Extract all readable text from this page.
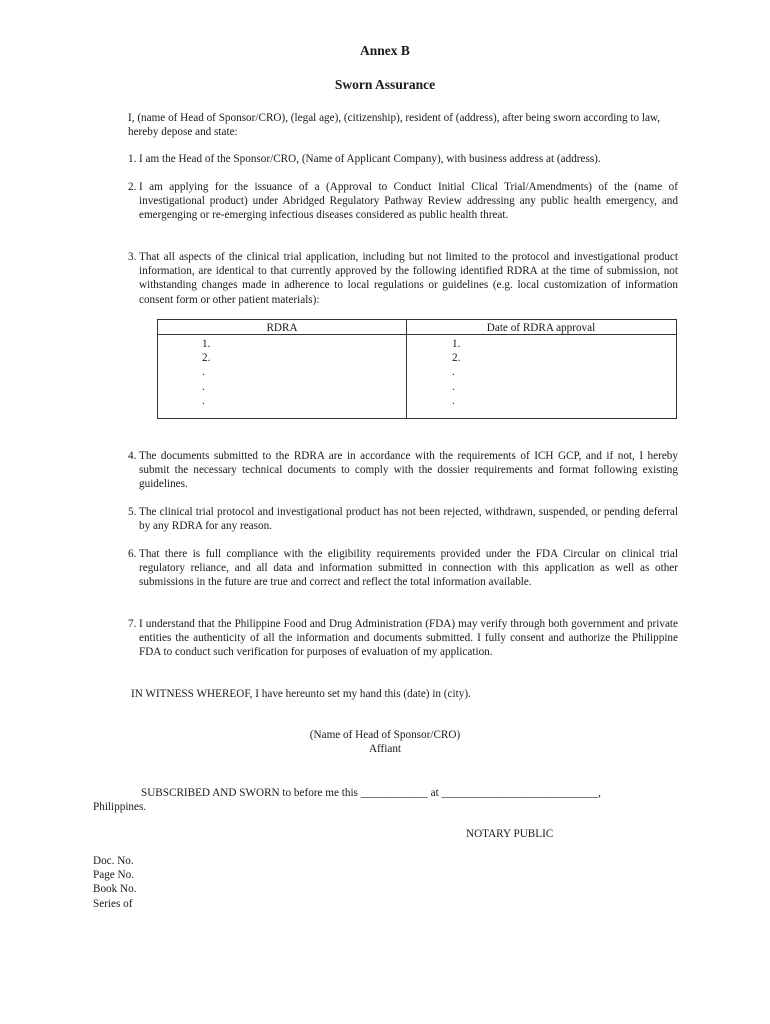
Annex B
Sworn Assurance
I, (name of Head of Sponsor/CRO), (legal age), (citizenship), resident of (address), after being sworn according to law, hereby depose and state:
1. I am the Head of the Sponsor/CRO, (Name of Applicant Company), with business address at (address).
2. I am applying for the issuance of a (Approval to Conduct Initial Clical Trial/Amendments) of the (name of investigational product) under Abridged Regulatory Pathway Review addressing any public health emergency, and emergenging or re-emerging infectious diseases considered as public health threat.
3. That all aspects of the clinical trial application, including but not limited to the protocol and investigational product information, are identical to that currently approved by the following identified RDRA at the time of submission, not withstanding changes made in adherence to local regulations or guidelines (e.g. local customization of information consent form or other patient materials):
RDRA	Date of RDRA approval
1.
2.
.
.
.
1.
2.
.
.
.
4. The documents submitted to the RDRA are in accordance with the requirements of ICH GCP, and if not, I hereby submit the necessary technical documents to comply with the dossier requirements and format following existing guidelines.
5. The clinical trial protocol and investigational product has not been rejected, withdrawn, suspended, or pending deferral by any RDRA for any reason.
6. That there is full compliance with the eligibility requirements provided under the FDA Circular on clinical trial regulatory reliance, and all data and information submitted in connection with this application as well as other submissions in the future are true and correct and reflect the total information available.
7. I understand that the Philippine Food and Drug Administration (FDA) may verify through both government and private entities the authenticity of all the information and documents submitted. I fully consent and authorize the Philippine FDA to conduct such verification for purposes of evaluation of my application.
IN WITNESS WHEREOF, I have hereunto set my hand this (date) in (city).
(Name of Head of Sponsor/CRO)
Affiant
SUBSCRIBED AND SWORN to before me this ____________ at ____________________________,
Philippines.
NOTARY PUBLIC
Doc. No.
Page No.
Book No.
Series of
